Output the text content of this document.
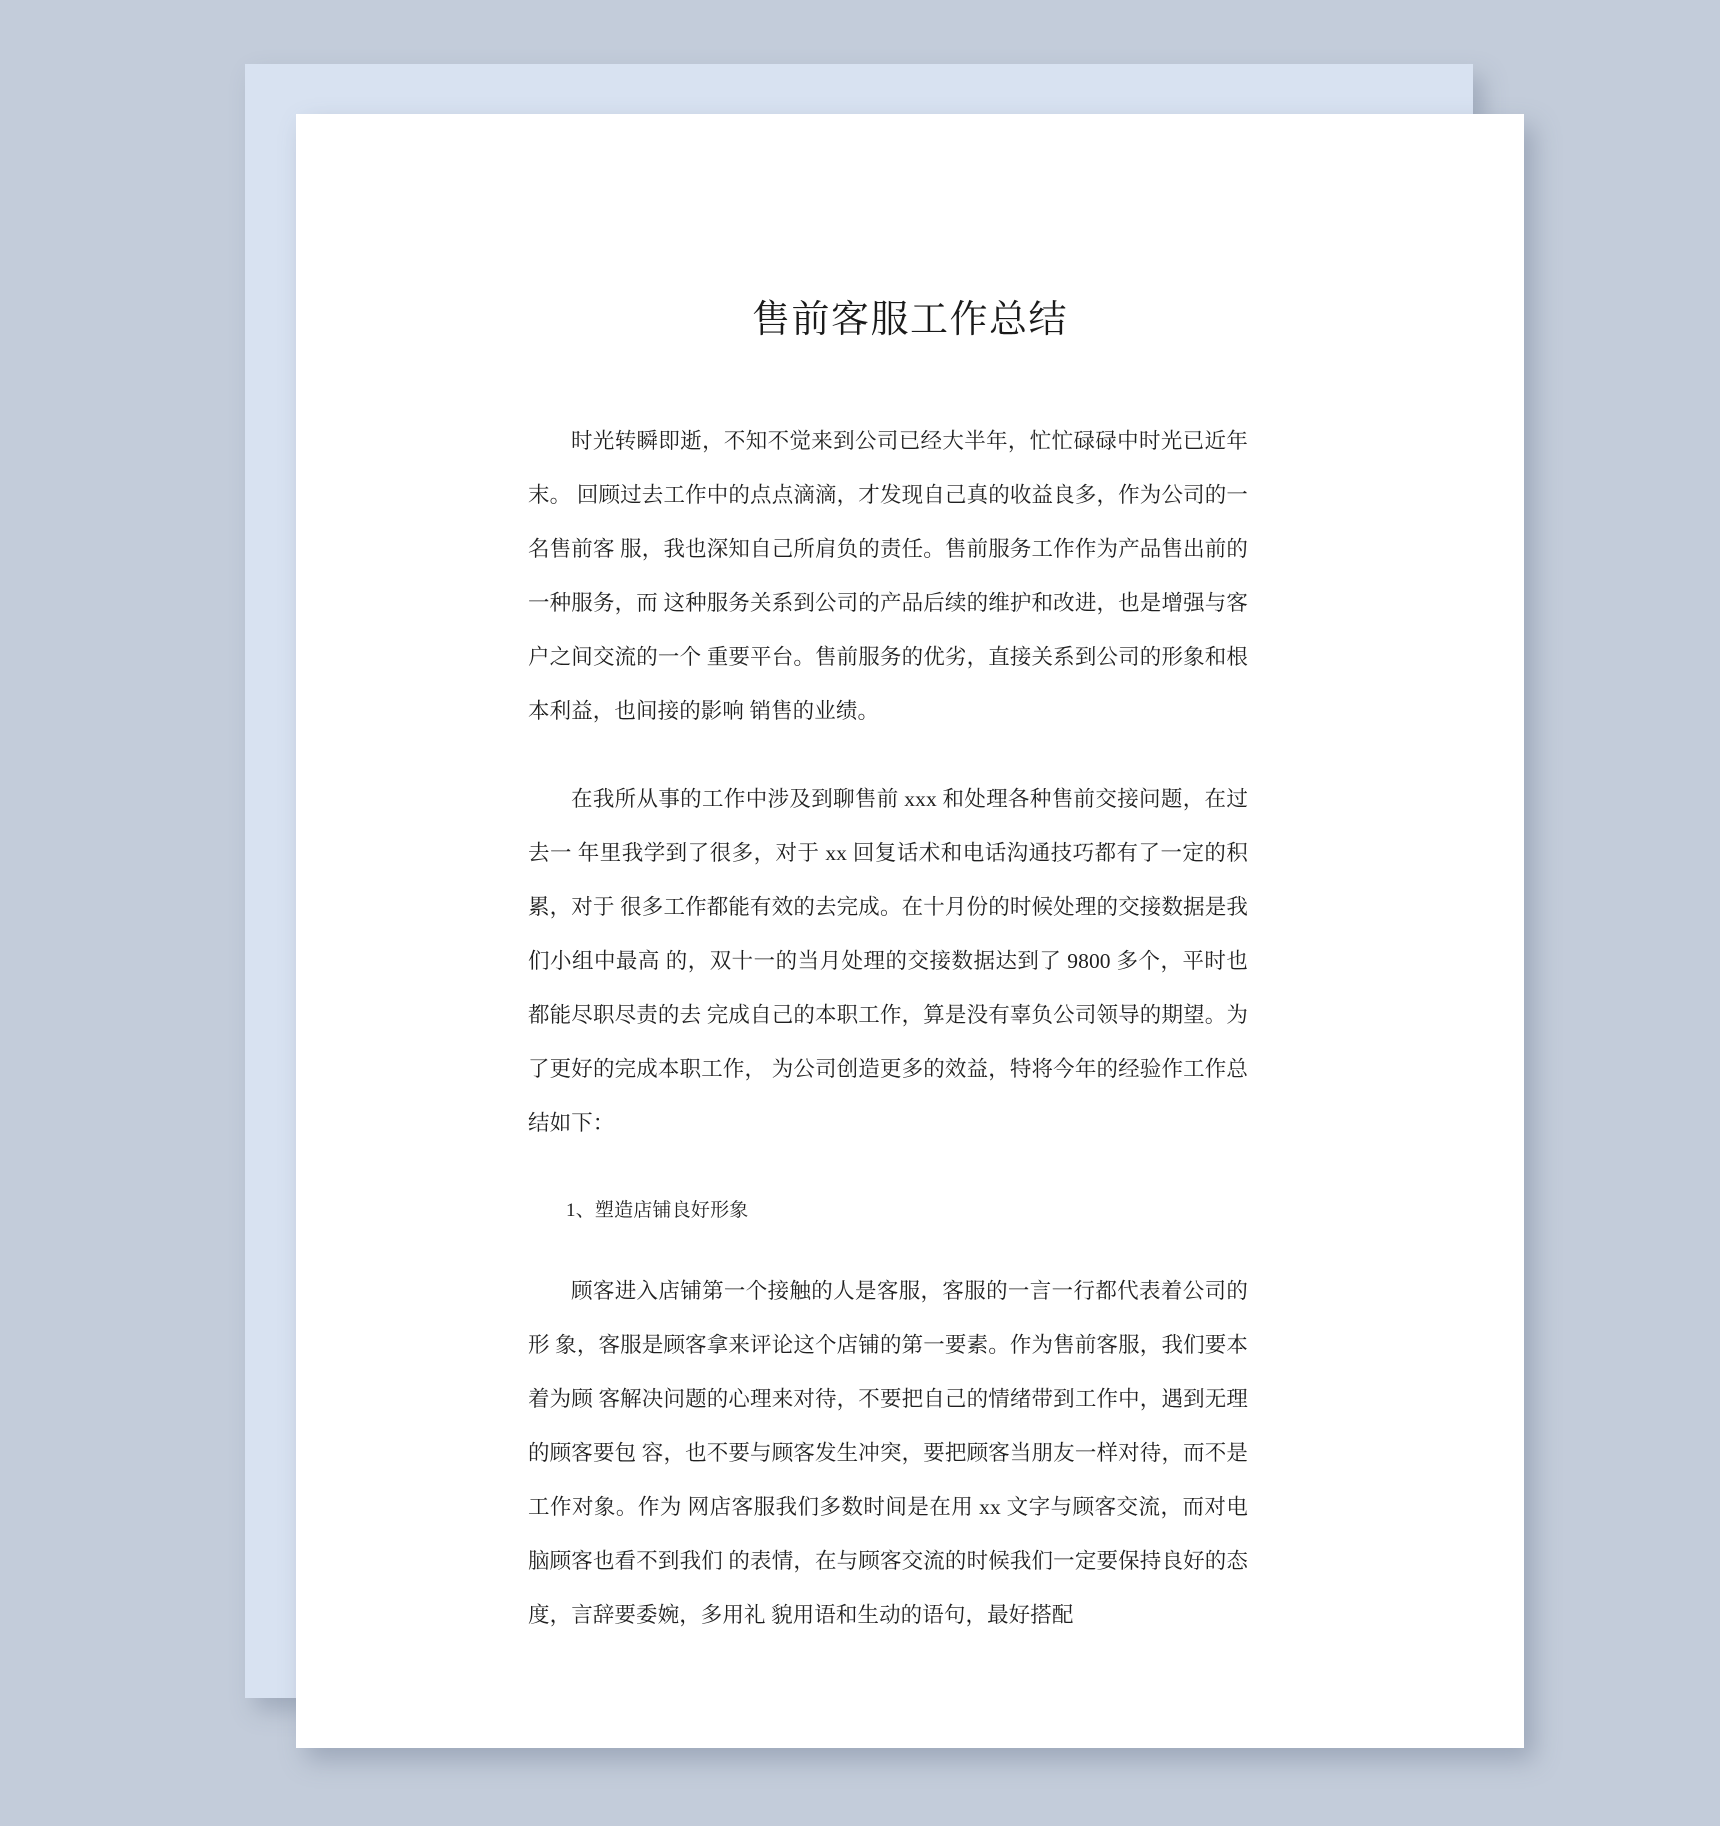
售前客服工作总结

时光转瞬即逝，不知不觉来到公司已经大半年，忙忙碌碌中时光已近年末。 回顾过去工作中的点点滴滴，才发现自己真的收益良多，作为公司的一名售前客 服，我也深知自己所肩负的责任。售前服务工作作为产品售出前的一种服务，而 这种服务关系到公司的产品后续的维护和改进，也是增强与客户之间交流的一个 重要平台。售前服务的优劣，直接关系到公司的形象和根本利益，也间接的影响 销售的业绩。

在我所从事的工作中涉及到聊售前 xxx 和处理各种售前交接问题，在过去一 年里我学到了很多，对于 xx 回复话术和电话沟通技巧都有了一定的积累，对于 很多工作都能有效的去完成。在十月份的时候处理的交接数据是我们小组中最高 的，双十一的当月处理的交接数据达到了 9800 多个，平时也都能尽职尽责的去 完成自己的本职工作，算是没有辜负公司领导的期望。为了更好的完成本职工作， 为公司创造更多的效益，特将今年的经验作工作总结如下：

1、塑造店铺良好形象

顾客进入店铺第一个接触的人是客服，客服的一言一行都代表着公司的形 象，客服是顾客拿来评论这个店铺的第一要素。作为售前客服，我们要本着为顾 客解决问题的心理来对待，不要把自己的情绪带到工作中，遇到无理的顾客要包 容，也不要与顾客发生冲突，要把顾客当朋友一样对待，而不是工作对象。作为 网店客服我们多数时间是在用 xx 文字与顾客交流，而对电脑顾客也看不到我们 的表情，在与顾客交流的时候我们一定要保持良好的态度，言辞要委婉，多用礼 貌用语和生动的语句，最好搭配
